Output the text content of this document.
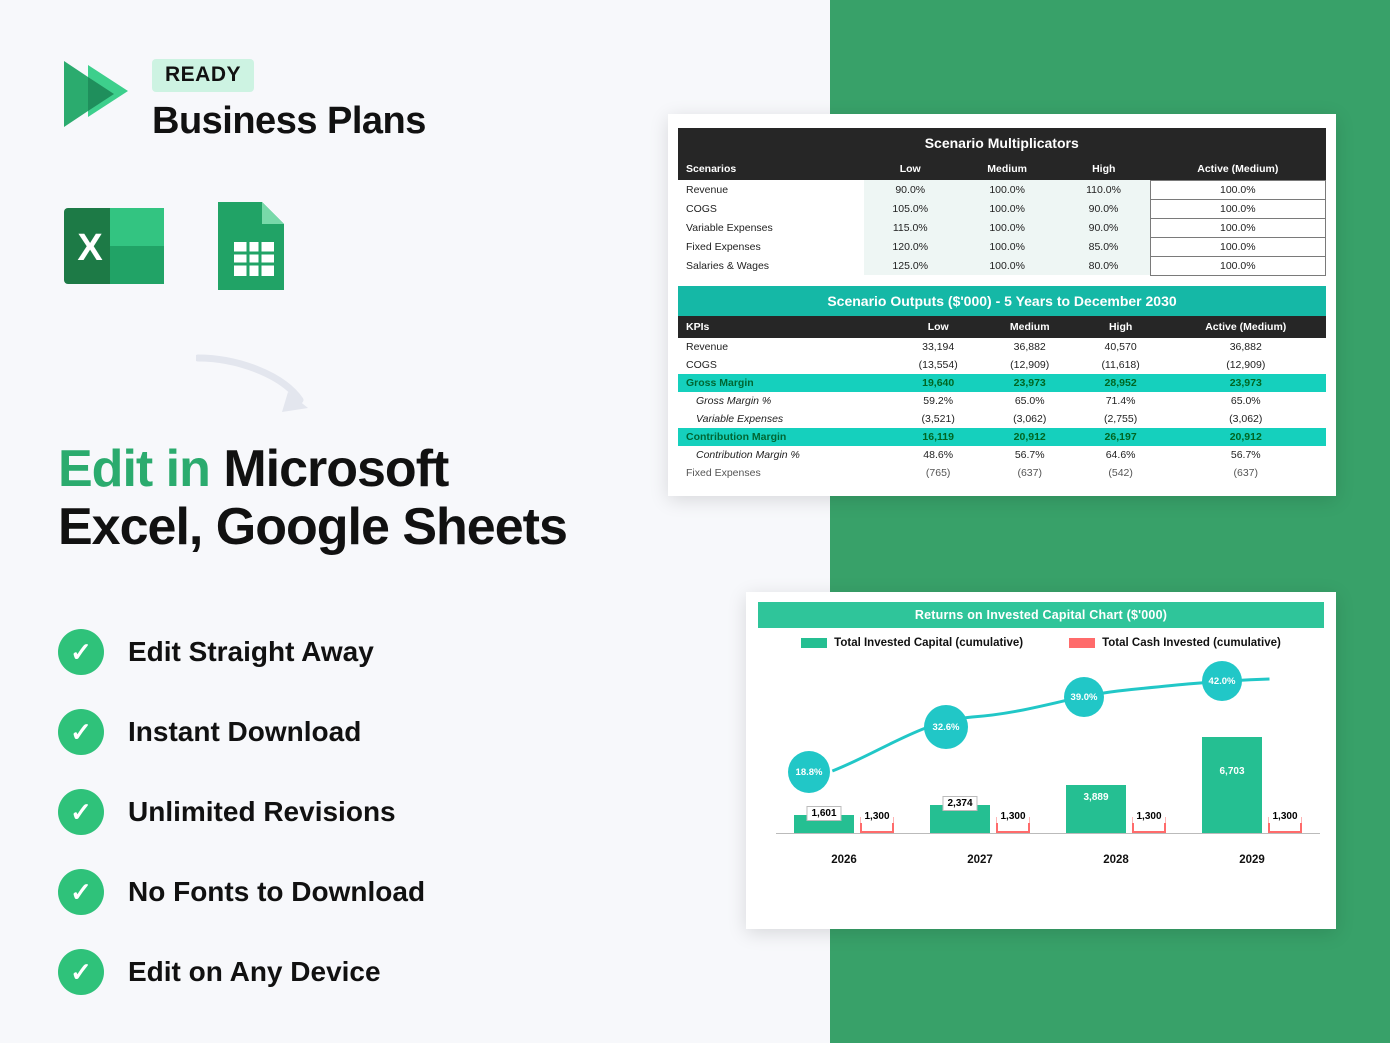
READY
Business Plans
X
Edit in Microsoft
Excel, Google Sheets
✓	Edit Straight Away
✓	Instant Download
✓	Unlimited Revisions
✓	No Fonts to Download
✓	Edit on Any Device
Scenario Multiplicators				
Scenarios	Low	Medium	High	Active (Medium)
Revenue	90.0%	100.0%	110.0%	100.0%
COGS	105.0%	100.0%	90.0%	100.0%
Variable Expenses	115.0%	100.0%	90.0%	100.0%
Fixed Expenses	120.0%	100.0%	85.0%	100.0%
Salaries & Wages	125.0%	100.0%	80.0%	100.0%
Scenario Outputs ($'000) - 5 Years to December 2030				
KPIs	Low	Medium	High	Active (Medium)
Revenue	33,194	36,882	40,570	36,882
COGS	(13,554)	(12,909)	(11,618)	(12,909)
Gross Margin	19,640	23,973	28,952	23,973
Gross Margin %	59.2%	65.0%	71.4%	65.0%
Variable Expenses	(3,521)	(3,062)	(2,755)	(3,062)
Contribution Margin	16,119	20,912	26,197	20,912
Contribution Margin %	48.6%	56.7%	64.6%	56.7%
Fixed Expenses	(765)	(637)	(542)	(637)
Returns on Invested Capital Chart ($'000)
Total Invested Capital (cumulative)	Total Cash Invested (cumulative)
18.8%
1,601	1,300
32.6%
2,374
1,300
39.0%
3,889
1,300
42.0%
6,703
1,300
2026	2027	2028	2029
